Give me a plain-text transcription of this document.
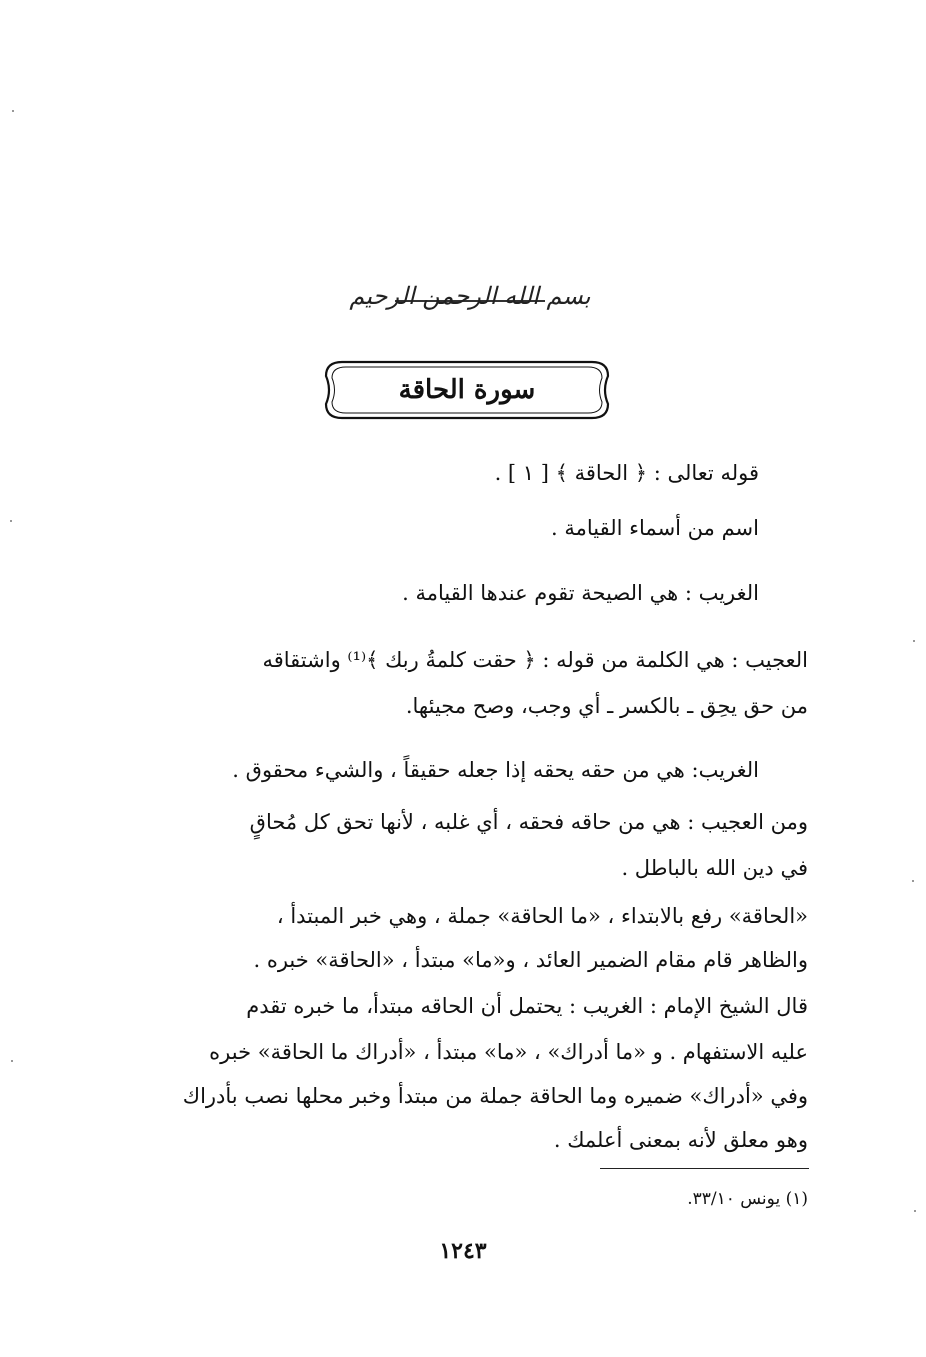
بسم الله الرحمن الرحيم
سورة الحاقة
قوله تعالى : ﴿ الحاقة ﴾ [ ١ ] .
اسم من أسماء القيامة .
الغريب : هي الصيحة تقوم عندها القيامة .
العجيب : هي الكلمة من قوله : ﴿ حقت كلمةُ ربك ﴾⁽¹⁾ واشتقاقه
من حق يحِق ـ بالكسر ـ أي وجب، وصح مجيئها.
الغريب: هي من حقه يحقه إذا جعله حقيقاً ، والشيء محقوق .
ومن العجيب : هي من حاقه فحقه ، أي غلبه ، لأنها تحق كل مُحاقٍ
في دين الله بالباطل .
«الحاقة» رفع بالابتداء ، «ما الحاقة» جملة ، وهي خبر المبتدأ ،
والظاهر قام مقام الضمير العائد ، و«ما» مبتدأ ، «الحاقة» خبره .
قال الشيخ الإمام : الغريب : يحتمل أن الحاقه مبتدأ، ما خبره تقدم
عليه الاستفهام . و «ما أدراك» ، «ما» مبتدأ ، «أدراك ما الحاقة» خبره
وفي «أدراك» ضميره وما الحاقة جملة من مبتدأ وخبر محلها نصب بأدراك
وهو معلق لأنه بمعنى أعلمك .
(١) يونس ٣٣/١٠.
١٢٤٣
